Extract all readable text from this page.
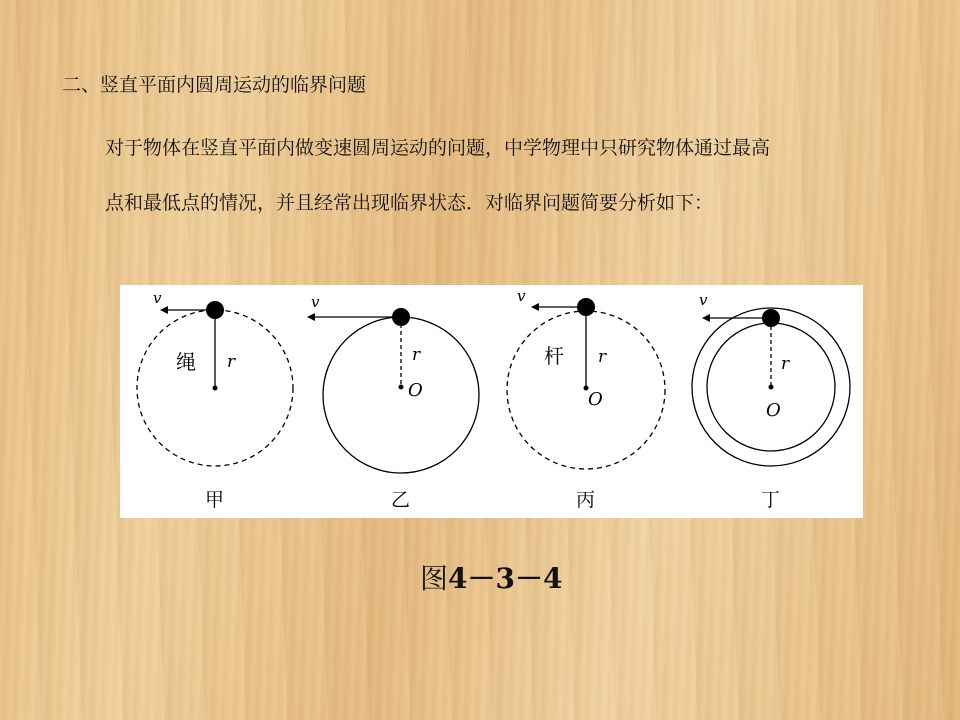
二、竖直平面内圆周运动的临界问题

对于物体在竖直平面内做变速圆周运动的问题，中学物理中只研究物体通过最高

点和最低点的情况，并且经常出现临界状态．对临界问题简要分析如下：

v
r
绳
甲
v
r
O
乙
v
r
杆
O
丙
v
r
O
丁

图4－3－4
